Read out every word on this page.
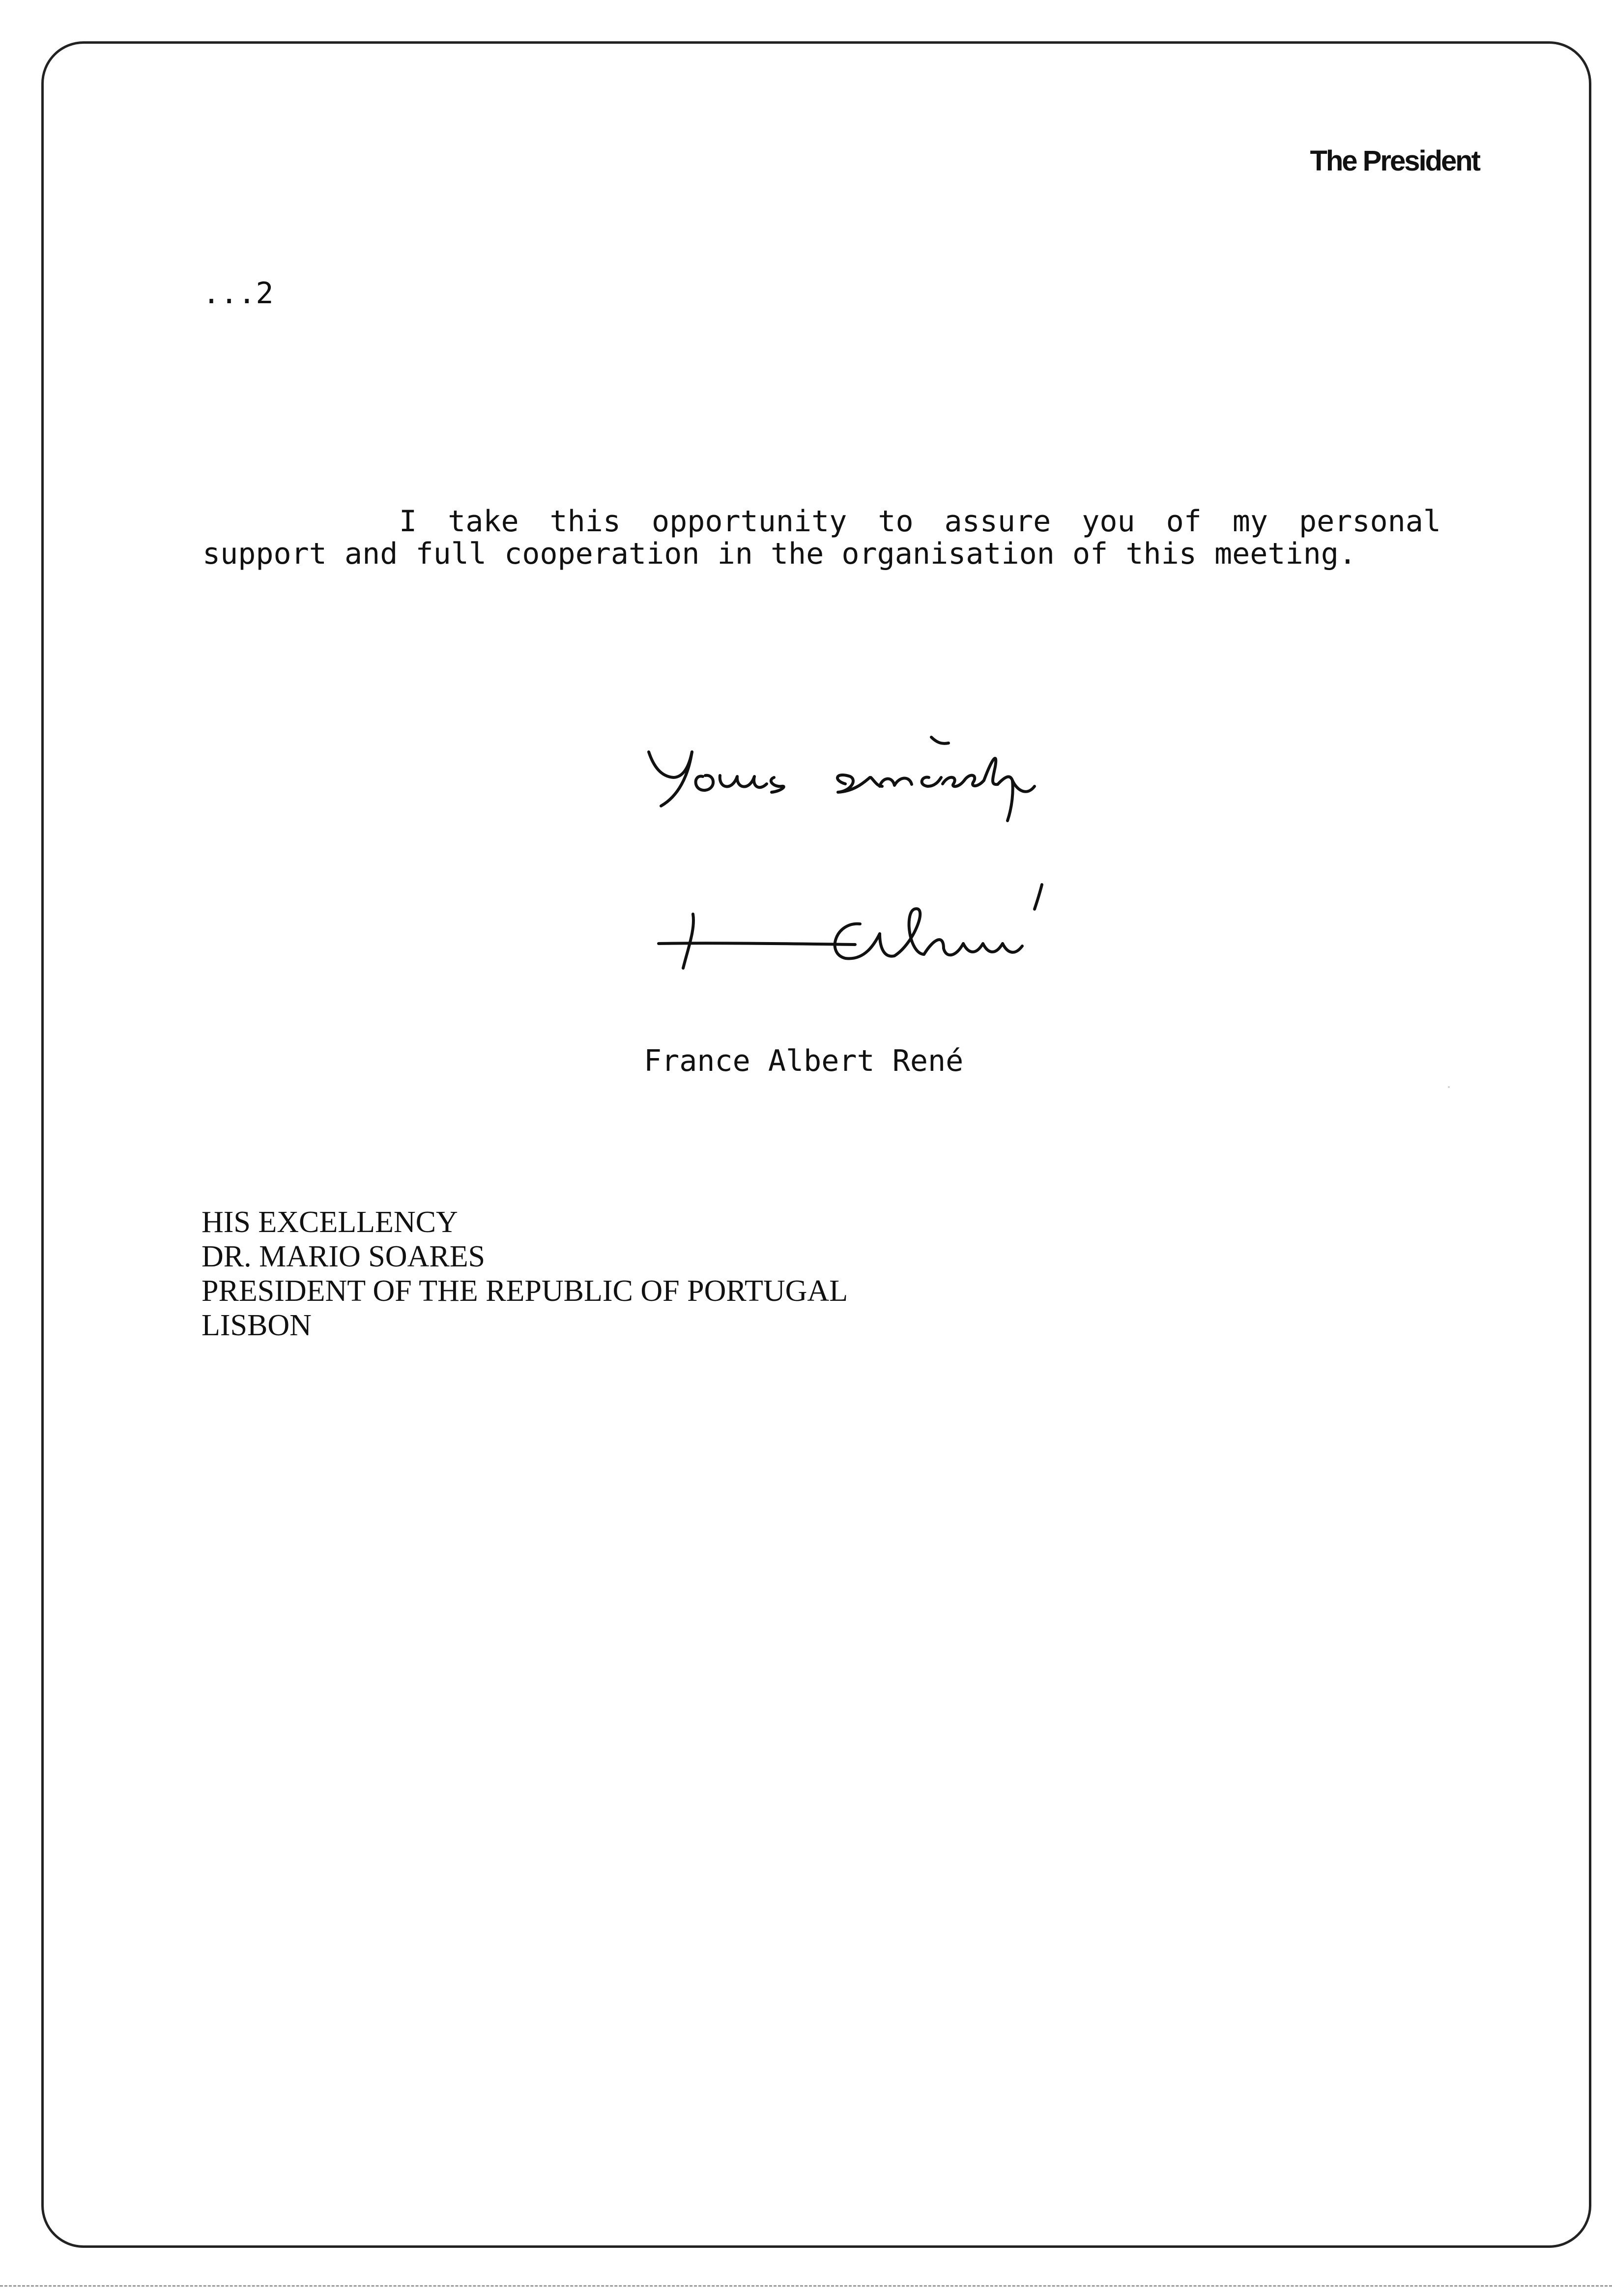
The President
...2
I take this opportunity to assure you of my personal support and full cooperation in the organisation of this meeting.
France Albert René
HIS EXCELLENCY
DR. MARIO SOARES
PRESIDENT OF THE REPUBLIC OF PORTUGAL
LISBON
